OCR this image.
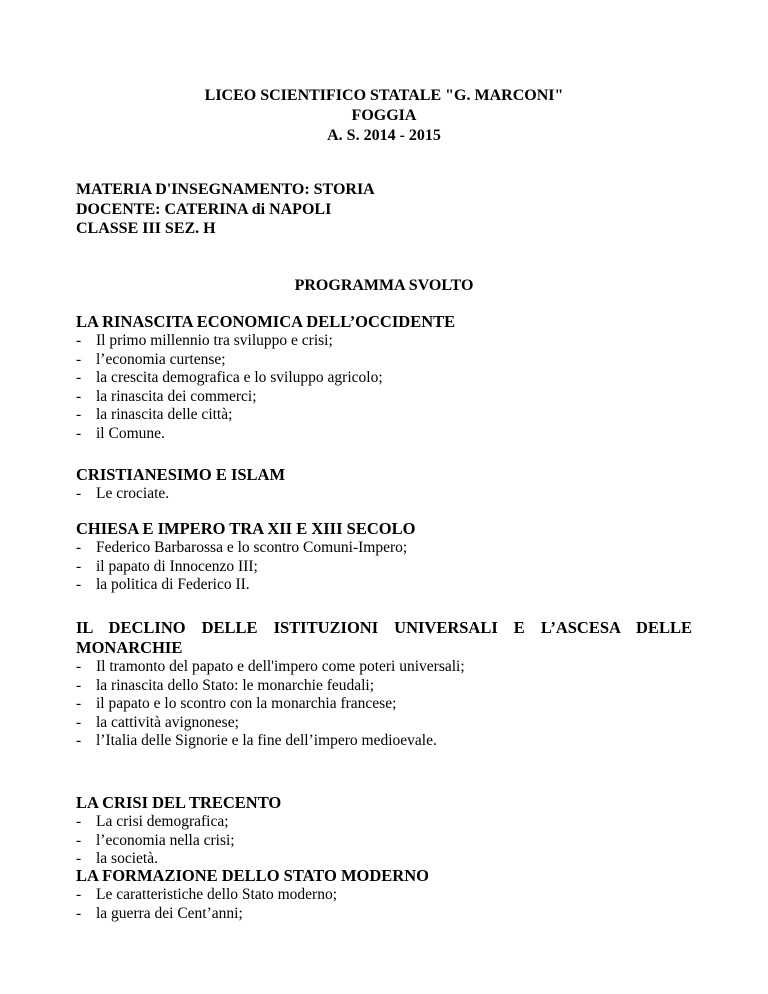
LICEO SCIENTIFICO STATALE "G. MARCONI"
FOGGIA
A. S. 2014 - 2015
MATERIA D'INSEGNAMENTO: STORIA
DOCENTE: CATERINA di NAPOLI
CLASSE III SEZ. H
PROGRAMMA SVOLTO
LA RINASCITA ECONOMICA DELL’OCCIDENTE
- Il primo millennio tra sviluppo e crisi;
- l’economia curtense;
- la crescita demografica e lo sviluppo agricolo;
- la rinascita dei commerci;
- la rinascita delle città;
- il Comune.
CRISTIANESIMO E ISLAM
- Le crociate.
CHIESA E IMPERO TRA XII E XIII SECOLO
- Federico Barbarossa e lo scontro Comuni-Impero;
- il papato di Innocenzo III;
- la politica di Federico II.
IL DECLINO DELLE ISTITUZIONI UNIVERSALI E L’ASCESA DELLE MONARCHIE
- Il tramonto del papato e dell'impero come poteri universali;
- la rinascita dello Stato: le monarchie feudali;
- il papato e lo scontro con la monarchia francese;
- la cattività avignonese;
- l’Italia delle Signorie e la fine dell’impero medioevale.
LA CRISI DEL TRECENTO
- La crisi demografica;
- l’economia nella crisi;
- la società.
LA FORMAZIONE DELLO STATO MODERNO
- Le caratteristiche dello Stato moderno;
- la guerra dei Cent’anni;
